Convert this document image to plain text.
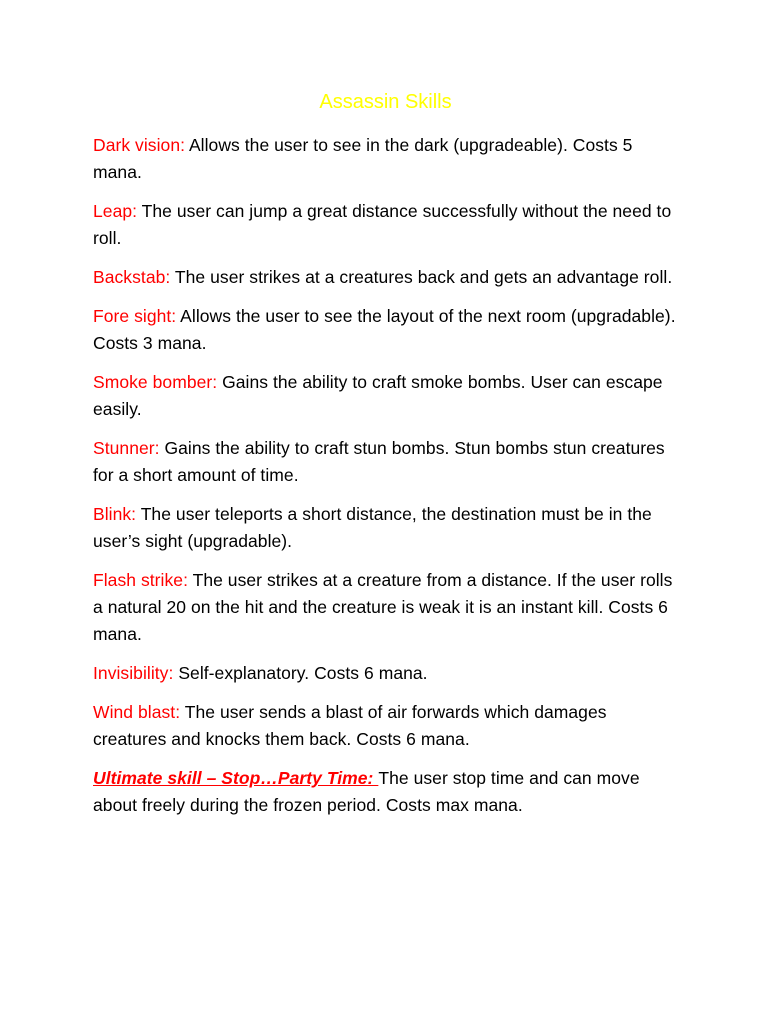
Assassin Skills

Dark vision: Allows the user to see in the dark (upgradeable). Costs 5 mana.

Leap: The user can jump a great distance successfully without the need to roll.

Backstab: The user strikes at a creatures back and gets an advantage roll.

Fore sight: Allows the user to see the layout of the next room (upgradable). Costs 3 mana.

Smoke bomber: Gains the ability to craft smoke bombs. User can escape easily.

Stunner: Gains the ability to craft stun bombs. Stun bombs stun creatures for a short amount of time.

Blink: The user teleports a short distance, the destination must be in the user’s sight (upgradable).

Flash strike: The user strikes at a creature from a distance. If the user rolls a natural 20 on the hit and the creature is weak it is an instant kill. Costs 6 mana.

Invisibility: Self-explanatory. Costs 6 mana.

Wind blast: The user sends a blast of air forwards which damages creatures and knocks them back. Costs 6 mana.

Ultimate skill – Stop…Party Time: The user stop time and can move about freely during the frozen period. Costs max mana.
